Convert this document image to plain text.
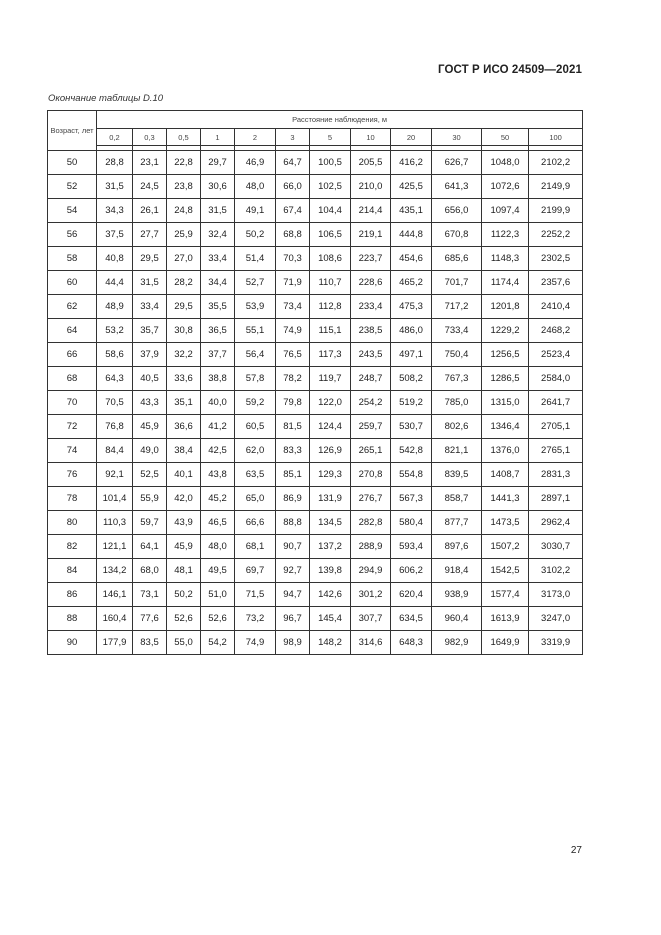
ГОСТ Р ИСО 24509—2021
Окончание таблицы D.10
Возраст, лет	Расстояние наблюдения, м											
	0,2	0,3	0,5	1	2	3	5	10	20	30	50	100

50	28,8	23,1	22,8	29,7	46,9	64,7	100,5	205,5	416,2	626,7	1048,0	2102,2
52	31,5	24,5	23,8	30,6	48,0	66,0	102,5	210,0	425,5	641,3	1072,6	2149,9
54	34,3	26,1	24,8	31,5	49,1	67,4	104,4	214,4	435,1	656,0	1097,4	2199,9
56	37,5	27,7	25,9	32,4	50,2	68,8	106,5	219,1	444,8	670,8	1122,3	2252,2
58	40,8	29,5	27,0	33,4	51,4	70,3	108,6	223,7	454,6	685,6	1148,3	2302,5
60	44,4	31,5	28,2	34,4	52,7	71,9	110,7	228,6	465,2	701,7	1174,4	2357,6
62	48,9	33,4	29,5	35,5	53,9	73,4	112,8	233,4	475,3	717,2	1201,8	2410,4
64	53,2	35,7	30,8	36,5	55,1	74,9	115,1	238,5	486,0	733,4	1229,2	2468,2
66	58,6	37,9	32,2	37,7	56,4	76,5	117,3	243,5	497,1	750,4	1256,5	2523,4
68	64,3	40,5	33,6	38,8	57,8	78,2	119,7	248,7	508,2	767,3	1286,5	2584,0
70	70,5	43,3	35,1	40,0	59,2	79,8	122,0	254,2	519,2	785,0	1315,0	2641,7
72	76,8	45,9	36,6	41,2	60,5	81,5	124,4	259,7	530,7	802,6	1346,4	2705,1
74	84,4	49,0	38,4	42,5	62,0	83,3	126,9	265,1	542,8	821,1	1376,0	2765,1
76	92,1	52,5	40,1	43,8	63,5	85,1	129,3	270,8	554,8	839,5	1408,7	2831,3
78	101,4	55,9	42,0	45,2	65,0	86,9	131,9	276,7	567,3	858,7	1441,3	2897,1
80	110,3	59,7	43,9	46,5	66,6	88,8	134,5	282,8	580,4	877,7	1473,5	2962,4
82	121,1	64,1	45,9	48,0	68,1	90,7	137,2	288,9	593,4	897,6	1507,2	3030,7
84	134,2	68,0	48,1	49,5	69,7	92,7	139,8	294,9	606,2	918,4	1542,5	3102,2
86	146,1	73,1	50,2	51,0	71,5	94,7	142,6	301,2	620,4	938,9	1577,4	3173,0
88	160,4	77,6	52,6	52,6	73,2	96,7	145,4	307,7	634,5	960,4	1613,9	3247,0
90	177,9	83,5	55,0	54,2	74,9	98,9	148,2	314,6	648,3	982,9	1649,9	3319,9
27
